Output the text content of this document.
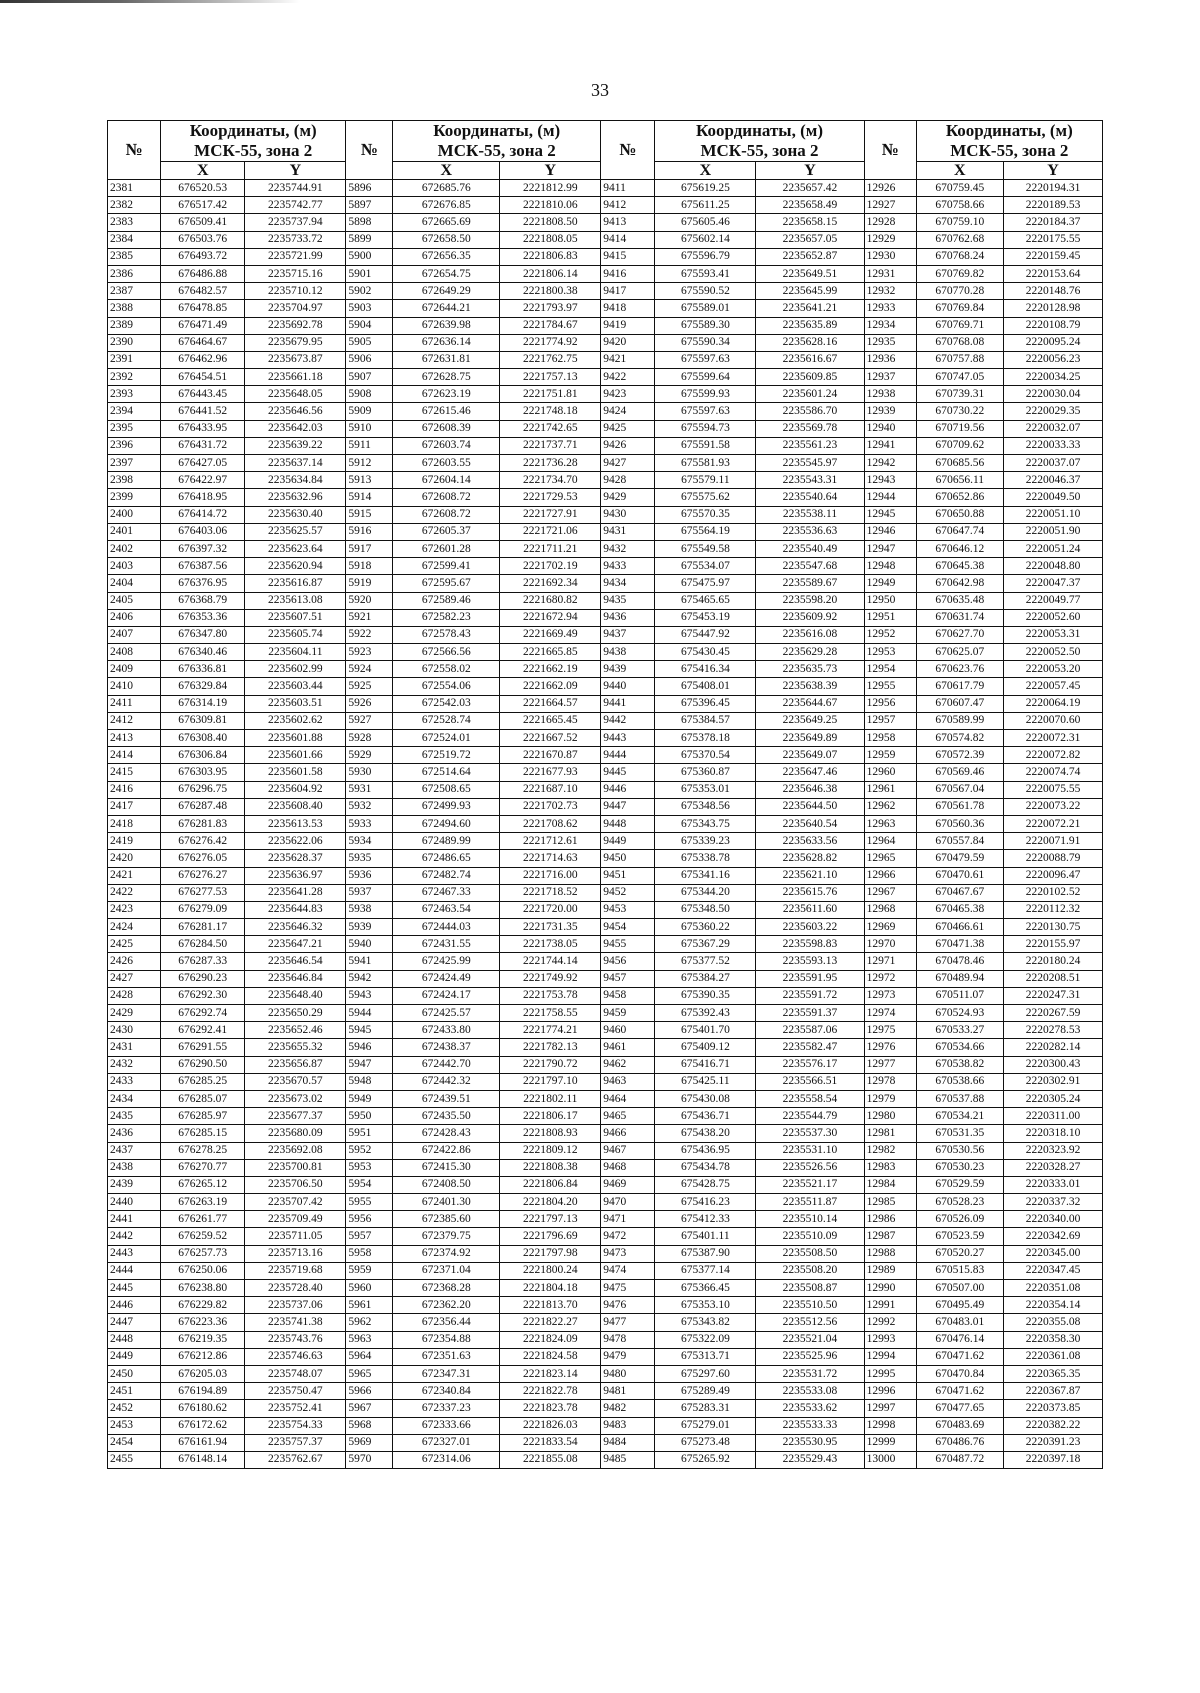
33
№	Координаты, (м)
МСК-55, зона 2		№	Координаты, (м)
МСК-55, зона 2		№	Координаты, (м)
МСК-55, зона 2		№	Координаты, (м)
МСК-55, зона 2	
	X	Y		X	Y		X	Y		X	Y
2381	676520.53	2235744.91	5896	672685.76	2221812.99	9411	675619.25	2235657.42	12926	670759.45	2220194.31
2382	676517.42	2235742.77	5897	672676.85	2221810.06	9412	675611.25	2235658.49	12927	670758.66	2220189.53
2383	676509.41	2235737.94	5898	672665.69	2221808.50	9413	675605.46	2235658.15	12928	670759.10	2220184.37
2384	676503.76	2235733.72	5899	672658.50	2221808.05	9414	675602.14	2235657.05	12929	670762.68	2220175.55
2385	676493.72	2235721.99	5900	672656.35	2221806.83	9415	675596.79	2235652.87	12930	670768.24	2220159.45
2386	676486.88	2235715.16	5901	672654.75	2221806.14	9416	675593.41	2235649.51	12931	670769.82	2220153.64
2387	676482.57	2235710.12	5902	672649.29	2221800.38	9417	675590.52	2235645.99	12932	670770.28	2220148.76
2388	676478.85	2235704.97	5903	672644.21	2221793.97	9418	675589.01	2235641.21	12933	670769.84	2220128.98
2389	676471.49	2235692.78	5904	672639.98	2221784.67	9419	675589.30	2235635.89	12934	670769.71	2220108.79
2390	676464.67	2235679.95	5905	672636.14	2221774.92	9420	675590.34	2235628.16	12935	670768.08	2220095.24
2391	676462.96	2235673.87	5906	672631.81	2221762.75	9421	675597.63	2235616.67	12936	670757.88	2220056.23
2392	676454.51	2235661.18	5907	672628.75	2221757.13	9422	675599.64	2235609.85	12937	670747.05	2220034.25
2393	676443.45	2235648.05	5908	672623.19	2221751.81	9423	675599.93	2235601.24	12938	670739.31	2220030.04
2394	676441.52	2235646.56	5909	672615.46	2221748.18	9424	675597.63	2235586.70	12939	670730.22	2220029.35
2395	676433.95	2235642.03	5910	672608.39	2221742.65	9425	675594.73	2235569.78	12940	670719.56	2220032.07
2396	676431.72	2235639.22	5911	672603.74	2221737.71	9426	675591.58	2235561.23	12941	670709.62	2220033.33
2397	676427.05	2235637.14	5912	672603.55	2221736.28	9427	675581.93	2235545.97	12942	670685.56	2220037.07
2398	676422.97	2235634.84	5913	672604.14	2221734.70	9428	675579.11	2235543.31	12943	670656.11	2220046.37
2399	676418.95	2235632.96	5914	672608.72	2221729.53	9429	675575.62	2235540.64	12944	670652.86	2220049.50
2400	676414.72	2235630.40	5915	672608.72	2221727.91	9430	675570.35	2235538.11	12945	670650.88	2220051.10
2401	676403.06	2235625.57	5916	672605.37	2221721.06	9431	675564.19	2235536.63	12946	670647.74	2220051.90
2402	676397.32	2235623.64	5917	672601.28	2221711.21	9432	675549.58	2235540.49	12947	670646.12	2220051.24
2403	676387.56	2235620.94	5918	672599.41	2221702.19	9433	675534.07	2235547.68	12948	670645.38	2220048.80
2404	676376.95	2235616.87	5919	672595.67	2221692.34	9434	675475.97	2235589.67	12949	670642.98	2220047.37
2405	676368.79	2235613.08	5920	672589.46	2221680.82	9435	675465.65	2235598.20	12950	670635.48	2220049.77
2406	676353.36	2235607.51	5921	672582.23	2221672.94	9436	675453.19	2235609.92	12951	670631.74	2220052.60
2407	676347.80	2235605.74	5922	672578.43	2221669.49	9437	675447.92	2235616.08	12952	670627.70	2220053.31
2408	676340.46	2235604.11	5923	672566.56	2221665.85	9438	675430.45	2235629.28	12953	670625.07	2220052.50
2409	676336.81	2235602.99	5924	672558.02	2221662.19	9439	675416.34	2235635.73	12954	670623.76	2220053.20
2410	676329.84	2235603.44	5925	672554.06	2221662.09	9440	675408.01	2235638.39	12955	670617.79	2220057.45
2411	676314.19	2235603.51	5926	672542.03	2221664.57	9441	675396.45	2235644.67	12956	670607.47	2220064.19
2412	676309.81	2235602.62	5927	672528.74	2221665.45	9442	675384.57	2235649.25	12957	670589.99	2220070.60
2413	676308.40	2235601.88	5928	672524.01	2221667.52	9443	675378.18	2235649.89	12958	670574.82	2220072.31
2414	676306.84	2235601.66	5929	672519.72	2221670.87	9444	675370.54	2235649.07	12959	670572.39	2220072.82
2415	676303.95	2235601.58	5930	672514.64	2221677.93	9445	675360.87	2235647.46	12960	670569.46	2220074.74
2416	676296.75	2235604.92	5931	672508.65	2221687.10	9446	675353.01	2235646.38	12961	670567.04	2220075.55
2417	676287.48	2235608.40	5932	672499.93	2221702.73	9447	675348.56	2235644.50	12962	670561.78	2220073.22
2418	676281.83	2235613.53	5933	672494.60	2221708.62	9448	675343.75	2235640.54	12963	670560.36	2220072.21
2419	676276.42	2235622.06	5934	672489.99	2221712.61	9449	675339.23	2235633.56	12964	670557.84	2220071.91
2420	676276.05	2235628.37	5935	672486.65	2221714.63	9450	675338.78	2235628.82	12965	670479.59	2220088.79
2421	676276.27	2235636.97	5936	672482.74	2221716.00	9451	675341.16	2235621.10	12966	670470.61	2220096.47
2422	676277.53	2235641.28	5937	672467.33	2221718.52	9452	675344.20	2235615.76	12967	670467.67	2220102.52
2423	676279.09	2235644.83	5938	672463.54	2221720.00	9453	675348.50	2235611.60	12968	670465.38	2220112.32
2424	676281.17	2235646.32	5939	672444.03	2221731.35	9454	675360.22	2235603.22	12969	670466.61	2220130.75
2425	676284.50	2235647.21	5940	672431.55	2221738.05	9455	675367.29	2235598.83	12970	670471.38	2220155.97
2426	676287.33	2235646.54	5941	672425.99	2221744.14	9456	675377.52	2235593.13	12971	670478.46	2220180.24
2427	676290.23	2235646.84	5942	672424.49	2221749.92	9457	675384.27	2235591.95	12972	670489.94	2220208.51
2428	676292.30	2235648.40	5943	672424.17	2221753.78	9458	675390.35	2235591.72	12973	670511.07	2220247.31
2429	676292.74	2235650.29	5944	672425.57	2221758.55	9459	675392.43	2235591.37	12974	670524.93	2220267.59
2430	676292.41	2235652.46	5945	672433.80	2221774.21	9460	675401.70	2235587.06	12975	670533.27	2220278.53
2431	676291.55	2235655.32	5946	672438.37	2221782.13	9461	675409.12	2235582.47	12976	670534.66	2220282.14
2432	676290.50	2235656.87	5947	672442.70	2221790.72	9462	675416.71	2235576.17	12977	670538.82	2220300.43
2433	676285.25	2235670.57	5948	672442.32	2221797.10	9463	675425.11	2235566.51	12978	670538.66	2220302.91
2434	676285.07	2235673.02	5949	672439.51	2221802.11	9464	675430.08	2235558.54	12979	670537.88	2220305.24
2435	676285.97	2235677.37	5950	672435.50	2221806.17	9465	675436.71	2235544.79	12980	670534.21	2220311.00
2436	676285.15	2235680.09	5951	672428.43	2221808.93	9466	675438.20	2235537.30	12981	670531.35	2220318.10
2437	676278.25	2235692.08	5952	672422.86	2221809.12	9467	675436.95	2235531.10	12982	670530.56	2220323.92
2438	676270.77	2235700.81	5953	672415.30	2221808.38	9468	675434.78	2235526.56	12983	670530.23	2220328.27
2439	676265.12	2235706.50	5954	672408.50	2221806.84	9469	675428.75	2235521.17	12984	670529.59	2220333.01
2440	676263.19	2235707.42	5955	672401.30	2221804.20	9470	675416.23	2235511.87	12985	670528.23	2220337.32
2441	676261.77	2235709.49	5956	672385.60	2221797.13	9471	675412.33	2235510.14	12986	670526.09	2220340.00
2442	676259.52	2235711.05	5957	672379.75	2221796.69	9472	675401.11	2235510.09	12987	670523.59	2220342.69
2443	676257.73	2235713.16	5958	672374.92	2221797.98	9473	675387.90	2235508.50	12988	670520.27	2220345.00
2444	676250.06	2235719.68	5959	672371.04	2221800.24	9474	675377.14	2235508.20	12989	670515.83	2220347.45
2445	676238.80	2235728.40	5960	672368.28	2221804.18	9475	675366.45	2235508.87	12990	670507.00	2220351.08
2446	676229.82	2235737.06	5961	672362.20	2221813.70	9476	675353.10	2235510.50	12991	670495.49	2220354.14
2447	676223.36	2235741.38	5962	672356.44	2221822.27	9477	675343.82	2235512.56	12992	670483.01	2220355.08
2448	676219.35	2235743.76	5963	672354.88	2221824.09	9478	675322.09	2235521.04	12993	670476.14	2220358.30
2449	676212.86	2235746.63	5964	672351.63	2221824.58	9479	675313.71	2235525.96	12994	670471.62	2220361.08
2450	676205.03	2235748.07	5965	672347.31	2221823.14	9480	675297.60	2235531.72	12995	670470.84	2220365.35
2451	676194.89	2235750.47	5966	672340.84	2221822.78	9481	675289.49	2235533.08	12996	670471.62	2220367.87
2452	676180.62	2235752.41	5967	672337.23	2221823.78	9482	675283.31	2235533.62	12997	670477.65	2220373.85
2453	676172.62	2235754.33	5968	672333.66	2221826.03	9483	675279.01	2235533.33	12998	670483.69	2220382.22
2454	676161.94	2235757.37	5969	672327.01	2221833.54	9484	675273.48	2235530.95	12999	670486.76	2220391.23
2455	676148.14	2235762.67	5970	672314.06	2221855.08	9485	675265.92	2235529.43	13000	670487.72	2220397.18
